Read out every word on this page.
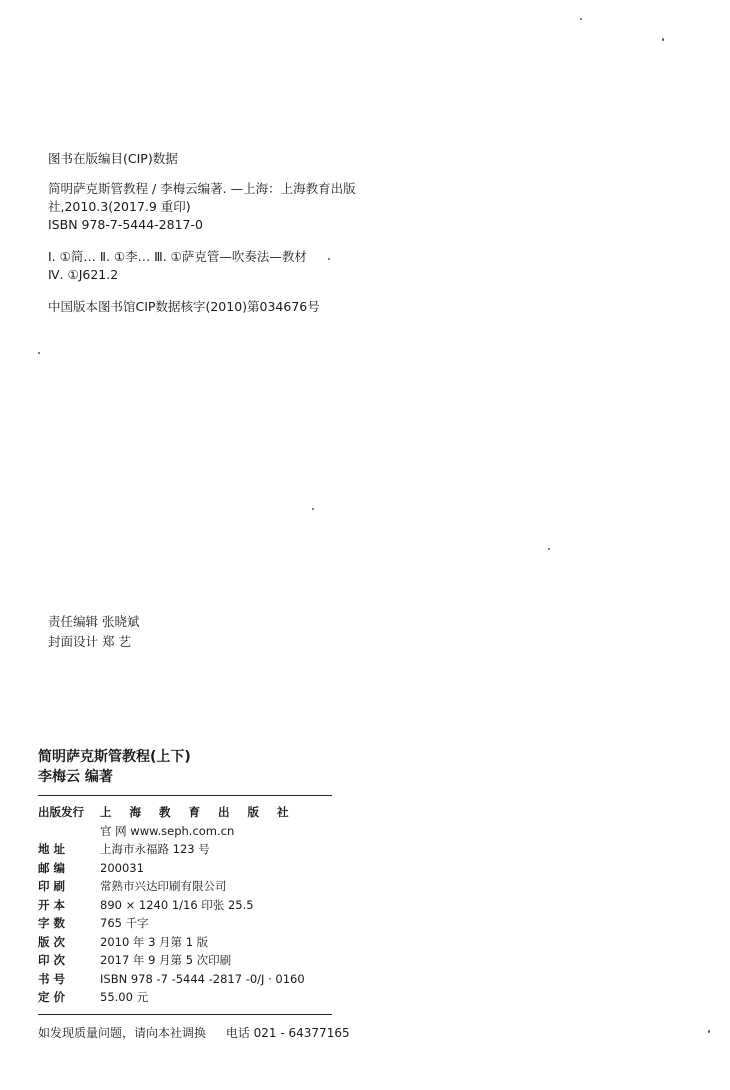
图书在版编目(CIP)数据

简明萨克斯管教程 / 李梅云编著. —上海：上海教育出版

社,2010.3(2017.9 重印)

ISBN 978-7-5444-2817-0

Ⅰ. ①简… Ⅱ. ①李… Ⅲ. ①萨克管—吹奏法—教材

Ⅳ. ①J621.2

中国版本图书馆CIP数据核字(2010)第034676号

责任编辑 张晓斌
封面设计 郑 艺
简明萨克斯管教程(上下)
李梅云 编著
出版发行	上 海 教 育 出 版 社
官 网 www.seph.com.cn
地 址	上海市永福路 123 号
邮 编	200031
印 刷	常熟市兴达印刷有限公司
开 本	890 × 1240 1/16 印张 25.5
字 数	765 千字
版 次	2010 年 3 月第 1 版
印 次	2017 年 9 月第 5 次印刷
书 号	ISBN 978 -7 -5444 -2817 -0/J · 0160
定 价	55.00 元
如发现质量问题，请向本社调换 电话 021 - 64377165
